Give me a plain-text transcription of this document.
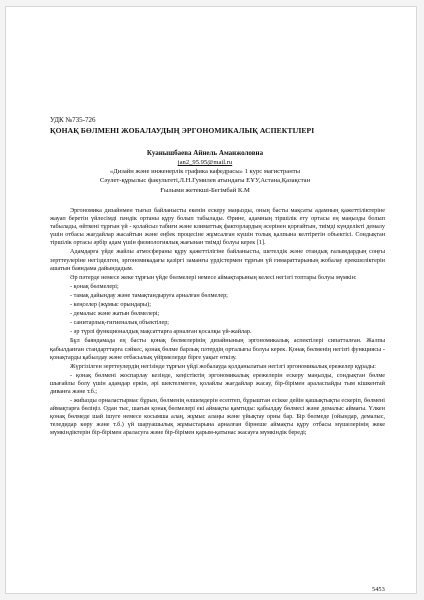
УДК №735-726
ҚОНАҚ БӨЛМЕНІ ЖОБАЛАУДЫҢ ЭРГОНОМИКАЛЫҚ АСПЕКТІЛЕРІ
Куанышбаева Айнель Аманжоловна
jan2_95.95@mail.ru
«Дизайн және инженерлік графика кафедрасы» 1 курс магистранты
Сәулет-құрылыс факультеті,Л.Н.Гумилев атындағы ЕҰУ,Астана,Қазақстан
Ғылыми жетекші-Бегімбай К.М

Эргономика дизайнмен тығыз байланысты екенін ескеру маңызды, оның басты мақсаты адамның қажеттіліктеріне жауап беретін үйлесімді пәндік ортаны құру болып табылады. Өрине, адамның тіршілік ету ортасы ең маңызды болып табылады, өйткені тұрғын үй - қолайсыз табиғи және климаттық факторлардың әсерінен қорғайтын, тиімді күнделікті демалу үшін отбасы жағдайлар жасайтын және еңбек процесіне жұмсалған күшін толық қалпына келтіретін объектісі. Сондықтан тіршілік ортасы әрбір адам үшін физиологиялық жағынан тиімді болуы керек [1].

Адамдарға үйде жайлы атмосфераны құру қажеттілігіне байланысты, шетелдік және отандық ғалымдардың соңғы зерттеулеріне негізделген, эргономикадағы қазіргі заманғы үрдістермен тұрғын үй ғимараттарының жобалау ерекшеліктерін ашатын баяндама дайындадым.

Әр пәтерде немесе жеке тұрғын үйде бөлмелері немесе аймақтарының келесі негізгі топтары болуы мүмкін:

- қонақ бөлмелері;

- тамақ дайындау және тамақтандыруға арналған бөлмелер;

- кеңселер (жұмыс орындары);

- демалыс және жатын бөлмелері;

- санитарлық-гигиеналық объектілер;

- әр түрлі функционалдық мақсаттарға арналған қосалқы үй-жайлар.

Бұл баяндамада ең басты қонақ бөлмелерінің дизайнының эргономикалық аспектілері сипатталған. Жалпы қабылданған стандарттарға сәйкес, қонақ бөлме барлық пәтердің орталығы болуы керек. Қонақ бөлменің негізгі функциясы - қонақтарды қабылдау және отбасылық үйірмелерде бірге уақыт өткізу.

Жүргізілген зерттеулердің негізінде тұрғын үйді жобалауда қолданылатын негізгі эргономикалық ережелер құрады:

- қонақ бөлмені жоспарлау кезінде, кеңістіктің эргономикалық ережелерін ескеру маңызды, сондықтан бөлме шығайлы болу үшін адамдар еркін, әрі шектелмеген, қолайлы жағдайлар жасау, бір-бірімен араласпайды тым кішкентай диванға және т.б.;

- жиһазды орналастырмас бұрын, бөлменің өлшемдерін есептеп, бұрыштан есікке дейін қашықтықты ескеріп, бөлмені аймақтарға бөліңіз. Одан тыс, шағын қонақ бөлмелері екі аймақты қамтиды: қабылдау бөлмесі және демалыс аймағы. Үлкен қонақ бөлмеде шай ішуге немесе косымша алаң, жұмыс алаңы және үйықтау орны бар. Бір бөлмеде (ойындар, демалыс, теледидар көру және т.б.) үй шаруашылық жұмыстарына арналған бірнеше аймақты құру отбасы мүшелерінің жеке мүмкіндіктерін бір-бірімен араласуға және бір-бірімен қарым-қатынас жасауға мүмкіндік береді;

5453
